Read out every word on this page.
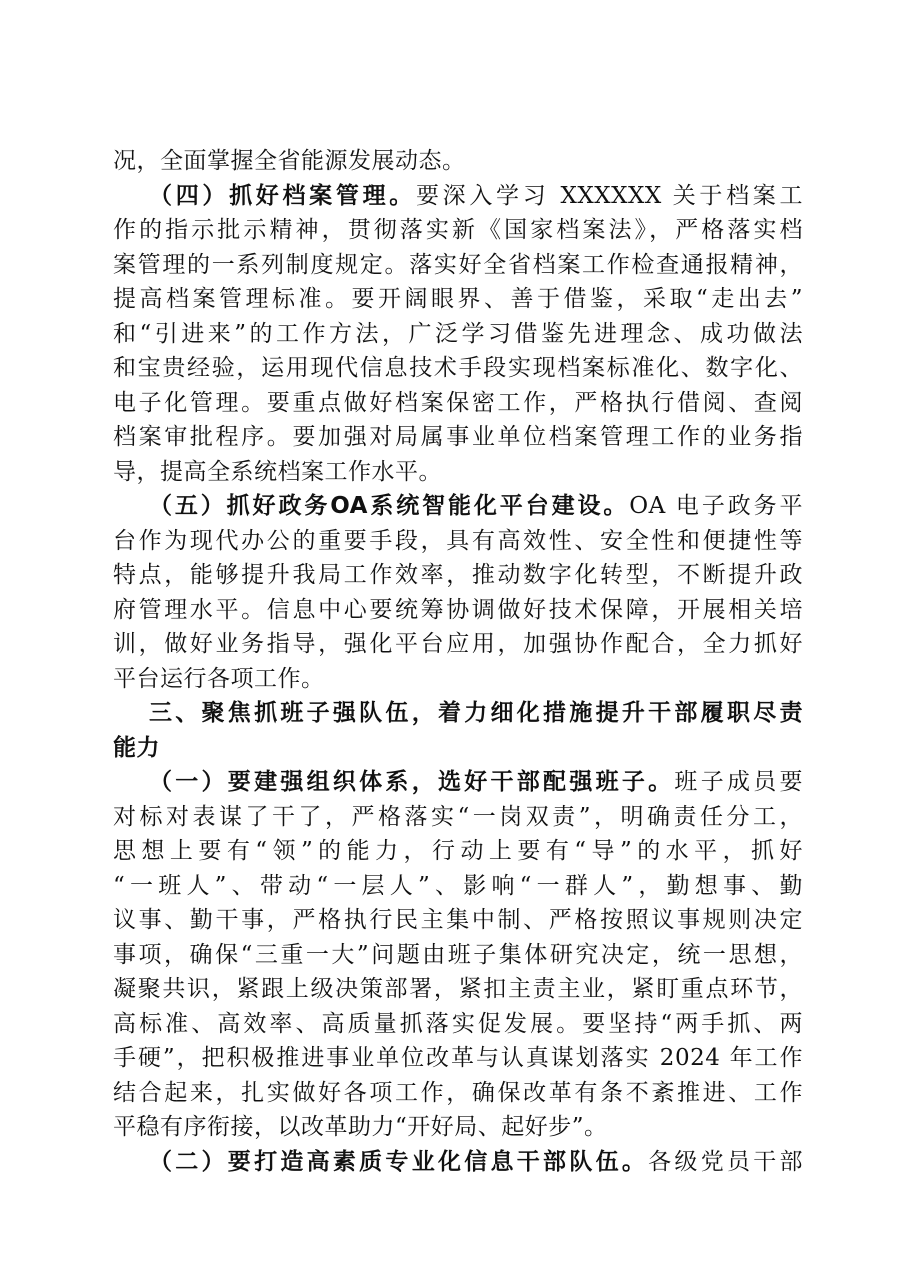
况，全面掌握全省能源发展动态。
（四）抓好档案管理。要深入学习 XXXXXX 关于档案工
作的指示批示精神，贯彻落实新《国家档案法》，严格落实档
案管理的一系列制度规定。落实好全省档案工作检查通报精神，
提高档案管理标准。要开阔眼界、善于借鉴，采取“走出去”
和“引进来”的工作方法，广泛学习借鉴先进理念、成功做法
和宝贵经验，运用现代信息技术手段实现档案标准化、数字化、
电子化管理。要重点做好档案保密工作，严格执行借阅、查阅
档案审批程序。要加强对局属事业单位档案管理工作的业务指
导，提高全系统档案工作水平。
（五）抓好政务OA系统智能化平台建设。OA 电子政务平
台作为现代办公的重要手段，具有高效性、安全性和便捷性等
特点，能够提升我局工作效率，推动数字化转型，不断提升政
府管理水平。信息中心要统筹协调做好技术保障，开展相关培
训，做好业务指导，强化平台应用，加强协作配合，全力抓好
平台运行各项工作。
三、聚焦抓班子强队伍，着力细化措施提升干部履职尽责
能力
（一）要建强组织体系，选好干部配强班子。班子成员要
对标对表谋了干了，严格落实“一岗双责”，明确责任分工，
思想上要有“领”的能力，行动上要有“导”的水平，抓好
“一班人”、带动“一层人”、影响“一群人”，勤想事、勤
议事、勤干事，严格执行民主集中制、严格按照议事规则决定
事项，确保“三重一大”问题由班子集体研究决定，统一思想，
凝聚共识，紧跟上级决策部署，紧扣主责主业，紧盯重点环节，
高标准、高效率、高质量抓落实促发展。要坚持“两手抓、两
手硬”，把积极推进事业单位改革与认真谋划落实 2024 年工作
结合起来，扎实做好各项工作，确保改革有条不紊推进、工作
平稳有序衔接，以改革助力“开好局、起好步”。
（二）要打造高素质专业化信息干部队伍。各级党员干部
